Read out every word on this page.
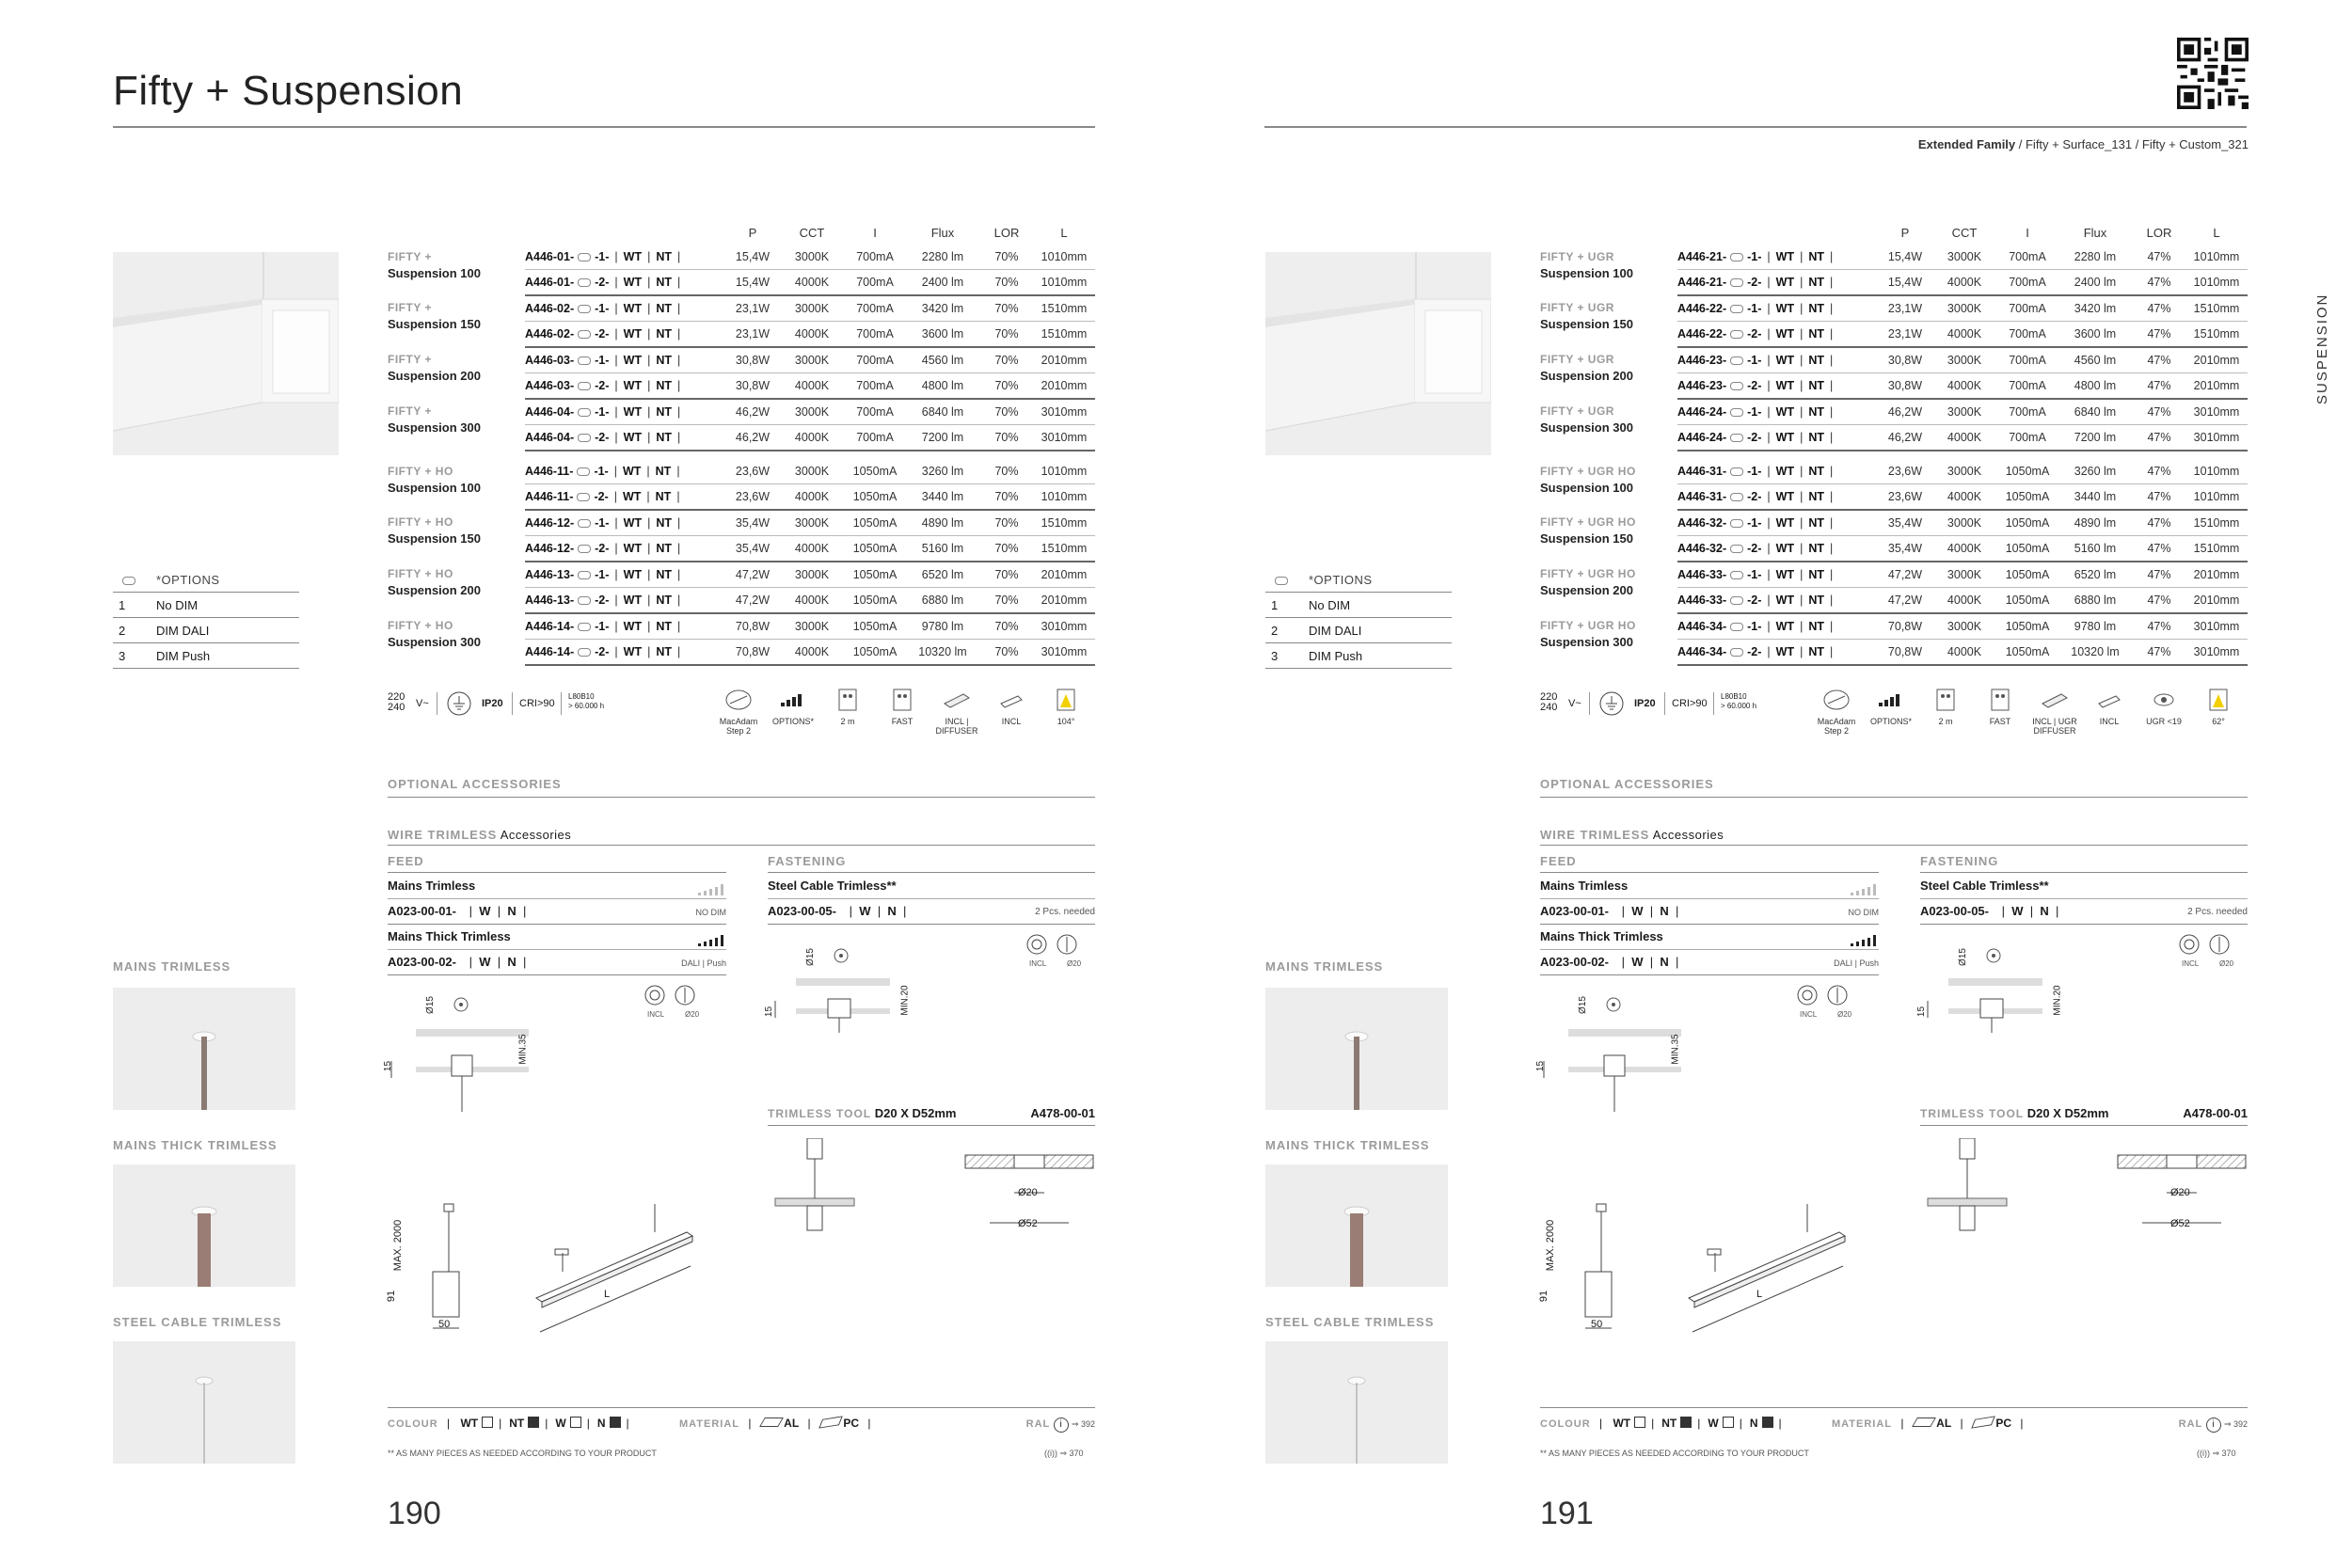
Fifty + Suspension
Extended Family / Fifty + Surface_131 / Fifty + Custom_321
SUSPENSION
*OPTIONS
1	No DIM
2	DIM DALI
3	DIM Push
		P	CCT	I	Flux	LOR	L

FIFTY +
Suspension 100	A446-01- -1- | WT | NT |	15,4W	3000K	700mA	2280 lm	70%	1010mm
	A446-01- -2- | WT | NT |	15,4W	4000K	700mA	2400 lm	70%	1010mm

FIFTY +
Suspension 150	A446-02- -1- | WT | NT |	23,1W	3000K	700mA	3420 lm	70%	1510mm
	A446-02- -2- | WT | NT |	23,1W	4000K	700mA	3600 lm	70%	1510mm

FIFTY +
Suspension 200	A446-03- -1- | WT | NT |	30,8W	3000K	700mA	4560 lm	70%	2010mm
	A446-03- -2- | WT | NT |	30,8W	4000K	700mA	4800 lm	70%	2010mm

FIFTY +
Suspension 300	A446-04- -1- | WT | NT |	46,2W	3000K	700mA	6840 lm	70%	3010mm
	A446-04- -2- | WT | NT |	46,2W	4000K	700mA	7200 lm	70%	3010mm

FIFTY + HO
Suspension 100	A446-11- -1- | WT | NT |	23,6W	3000K	1050mA	3260 lm	70%	1010mm
	A446-11- -2- | WT | NT |	23,6W	4000K	1050mA	3440 lm	70%	1010mm

FIFTY + HO
Suspension 150	A446-12- -1- | WT | NT |	35,4W	3000K	1050mA	4890 lm	70%	1510mm
	A446-12- -2- | WT | NT |	35,4W	4000K	1050mA	5160 lm	70%	1510mm

FIFTY + HO
Suspension 200	A446-13- -1- | WT | NT |	47,2W	3000K	1050mA	6520 lm	70%	2010mm
	A446-13- -2- | WT | NT |	47,2W	4000K	1050mA	6880 lm	70%	2010mm

FIFTY + HO
Suspension 300	A446-14- -1- | WT | NT |	70,8W	3000K	1050mA	9780 lm	70%	3010mm
	A446-14- -2- | WT | NT |	70,8W	4000K	1050mA	10320 lm	70%	3010mm
220
240 V~	IP20 CRI>90
L80B10
> 60.000 h
MacAdam Step 2
OPTIONS*	2 m	FAST	INCL | DIFFUSER
INCL	104°
OPTIONAL ACCESSORIES
WIRE TRIMLESS Accessories
FEED	FASTENING
Mains Trimless
A023-00-01- |  W  |  N  |	NO DIM
Mains Thick Trimless
A023-00-02- |  W  |  N  |	DALI | Push
Steel Cable Trimless**
A023-00-05- |  W  |  N  |	2 Pcs. needed
INCL	Ø20
INCL	Ø20
Ø15
15
MIN.35
Ø15
15	MIN.20
TRIMLESS TOOL D20 X D52mm	A478-00-01
Ø20
Ø52
MAX. 2000
91
50
L
MAINS TRIMLESS
MAINS THICK TRIMLESS
STEEL CABLE TRIMLESS
COLOUR | WT | NT | W | N |	MATERIAL |	AL |	PC |	RAL i ⇒ 392
** AS MANY PIECES AS NEEDED ACCORDING TO YOUR PRODUCT	((i)) ⇒ 370
190
*OPTIONS
1	No DIM
2	DIM DALI
3	DIM Push
		P	CCT	I	Flux	LOR	L

FIFTY + UGR
Suspension 100	A446-21- -1- | WT | NT |	15,4W	3000K	700mA	2280 lm	47%	1010mm
	A446-21- -2- | WT | NT |	15,4W	4000K	700mA	2400 lm	47%	1010mm

FIFTY + UGR
Suspension 150	A446-22- -1- | WT | NT |	23,1W	3000K	700mA	3420 lm	47%	1510mm
	A446-22- -2- | WT | NT |	23,1W	4000K	700mA	3600 lm	47%	1510mm

FIFTY + UGR
Suspension 200	A446-23- -1- | WT | NT |	30,8W	3000K	700mA	4560 lm	47%	2010mm
	A446-23- -2- | WT | NT |	30,8W	4000K	700mA	4800 lm	47%	2010mm

FIFTY + UGR
Suspension 300	A446-24- -1- | WT | NT |	46,2W	3000K	700mA	6840 lm	47%	3010mm
	A446-24- -2- | WT | NT |	46,2W	4000K	700mA	7200 lm	47%	3010mm

FIFTY + UGR HO
Suspension 100	A446-31- -1- | WT | NT |	23,6W	3000K	1050mA	3260 lm	47%	1010mm
	A446-31- -2- | WT | NT |	23,6W	4000K	1050mA	3440 lm	47%	1010mm

FIFTY + UGR HO
Suspension 150	A446-32- -1- | WT | NT |	35,4W	3000K	1050mA	4890 lm	47%	1510mm
	A446-32- -2- | WT | NT |	35,4W	4000K	1050mA	5160 lm	47%	1510mm

FIFTY + UGR HO
Suspension 200	A446-33- -1- | WT | NT |	47,2W	3000K	1050mA	6520 lm	47%	2010mm
	A446-33- -2- | WT | NT |	47,2W	4000K	1050mA	6880 lm	47%	2010mm

FIFTY + UGR HO
Suspension 300	A446-34- -1- | WT | NT |	70,8W	3000K	1050mA	9780 lm	47%	3010mm
	A446-34- -2- | WT | NT |	70,8W	4000K	1050mA	10320 lm	47%	3010mm
220
240 V~	IP20 CRI>90
L80B10
> 60.000 h
MacAdam Step 2
OPTIONS*	2 m	FAST	INCL | UGR DIFFUSER
INCL	UGR <19	62°
OPTIONAL ACCESSORIES
WIRE TRIMLESS Accessories
FEED	FASTENING
Mains Trimless
A023-00-01- |  W  |  N  |	NO DIM
Mains Thick Trimless
A023-00-02- |  W  |  N  |	DALI | Push
Steel Cable Trimless**
A023-00-05- |  W  |  N  |	2 Pcs. needed
INCL	Ø20
INCL	Ø20
Ø15
15
MIN.35
Ø15
15	MIN.20
TRIMLESS TOOL D20 X D52mm	A478-00-01
Ø20
Ø52
MAX. 2000
91
50
L
MAINS TRIMLESS
MAINS THICK TRIMLESS
STEEL CABLE TRIMLESS
COLOUR | WT | NT | W | N |	MATERIAL |	AL |	PC |	RAL i ⇒ 392
** AS MANY PIECES AS NEEDED ACCORDING TO YOUR PRODUCT	((i)) ⇒ 370
191
